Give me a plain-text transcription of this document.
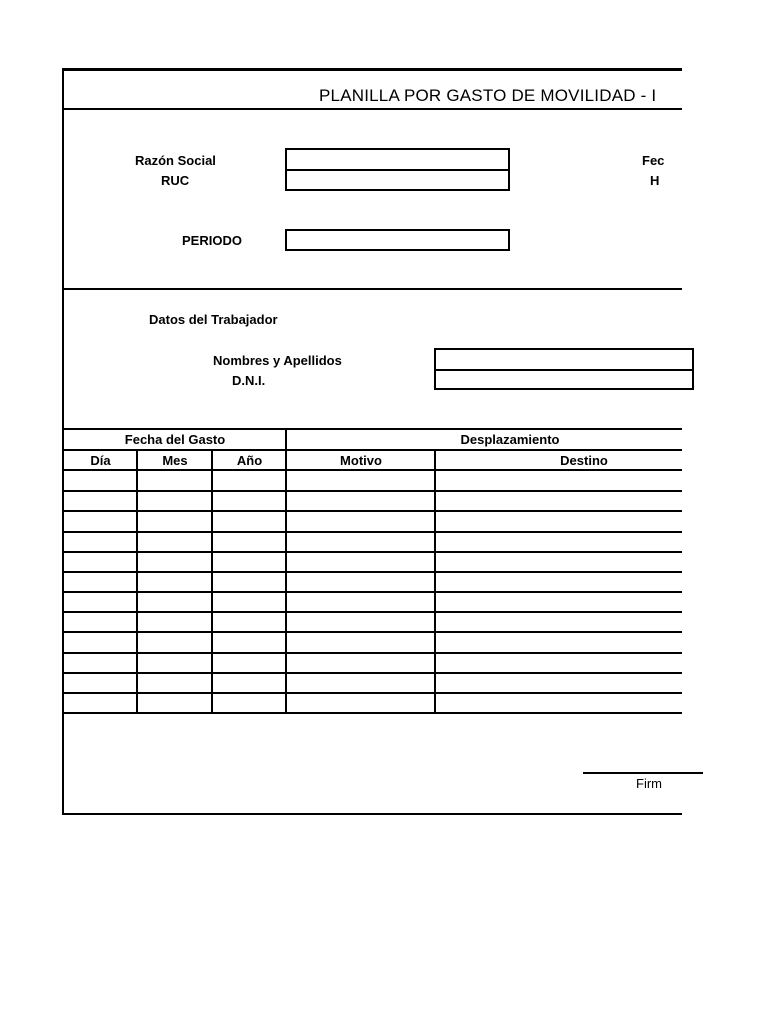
PLANILLA POR GASTO DE MOVILIDAD - I
Razón Social
RUC
Fec
H
PERIODO
Datos del Trabajador
Nombres y Apellidos
D.N.I.
Fecha del Gasto	Desplazamiento
Día	Mes	Año	Motivo	Destino
Firm
